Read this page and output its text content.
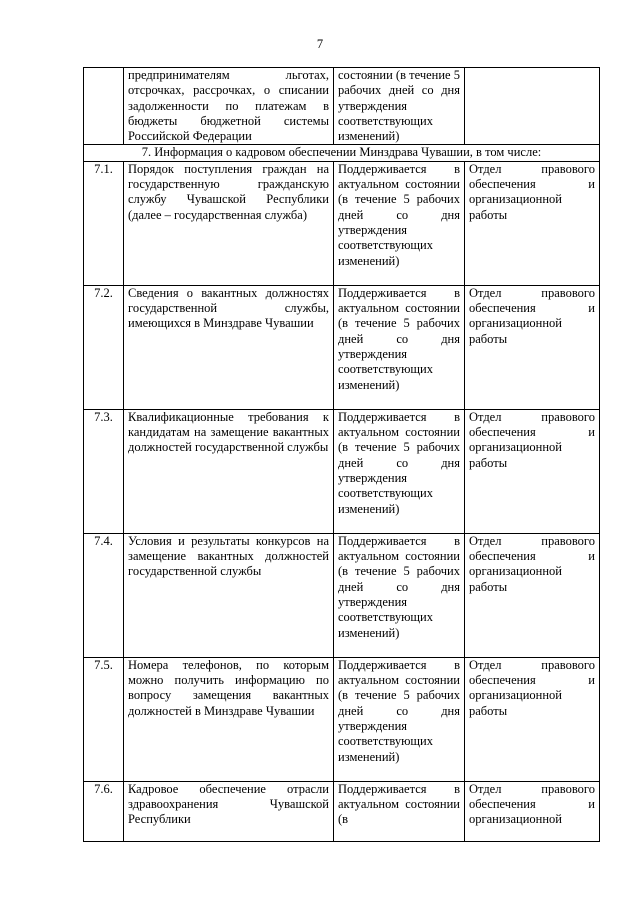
7

	предпринимателям льготах, отсрочках, рассрочках, о списании задолженности по платежам в бюджеты бюджетной системы Российской Федерации	состоянии (в течение 5 рабочих дней со дня утверждения соответствующих изменений)	

7. Информация о кадровом обеспечении Минздрава Чувашии, в том числе:			
7.1.	Порядок поступления граждан на государственную гражданскую службу Чувашской Республики (далее – государственная служба)	Поддерживается в актуальном состоянии (в течение 5 рабочих дней со дня утверждения соответствующих изменений)	Отдел правового обеспечения и организационной работы

7.2.	Сведения о вакантных должностях государственной службы, имеющихся в Минздраве Чувашии	Поддерживается в актуальном состоянии (в течение 5 рабочих дней со дня утверждения соответствующих изменений)	Отдел правового обеспечения и организационной работы

7.3.	Квалификационные требования к кандидатам на замещение вакантных должностей государственной службы	Поддерживается в актуальном состоянии (в течение 5 рабочих дней со дня утверждения соответствующих изменений)	Отдел правового обеспечения и организационной работы

7.4.	Условия и результаты конкурсов на замещение вакантных должностей государственной службы	Поддерживается в актуальном состоянии (в течение 5 рабочих дней со дня утверждения соответствующих изменений)	Отдел правового обеспечения и организационной работы

7.5.	Номера телефонов, по которым можно получить информацию по вопросу замещения вакантных должностей в Минздраве Чувашии	Поддерживается в актуальном состоянии (в течение 5 рабочих дней со дня утверждения соответствующих изменений)	Отдел правового обеспечения и организационной работы

7.6.	Кадровое обеспечение отрасли здравоохранения Чувашской Республики	Поддерживается в актуальном состоянии (в	Отдел правового обеспечения и организационной
